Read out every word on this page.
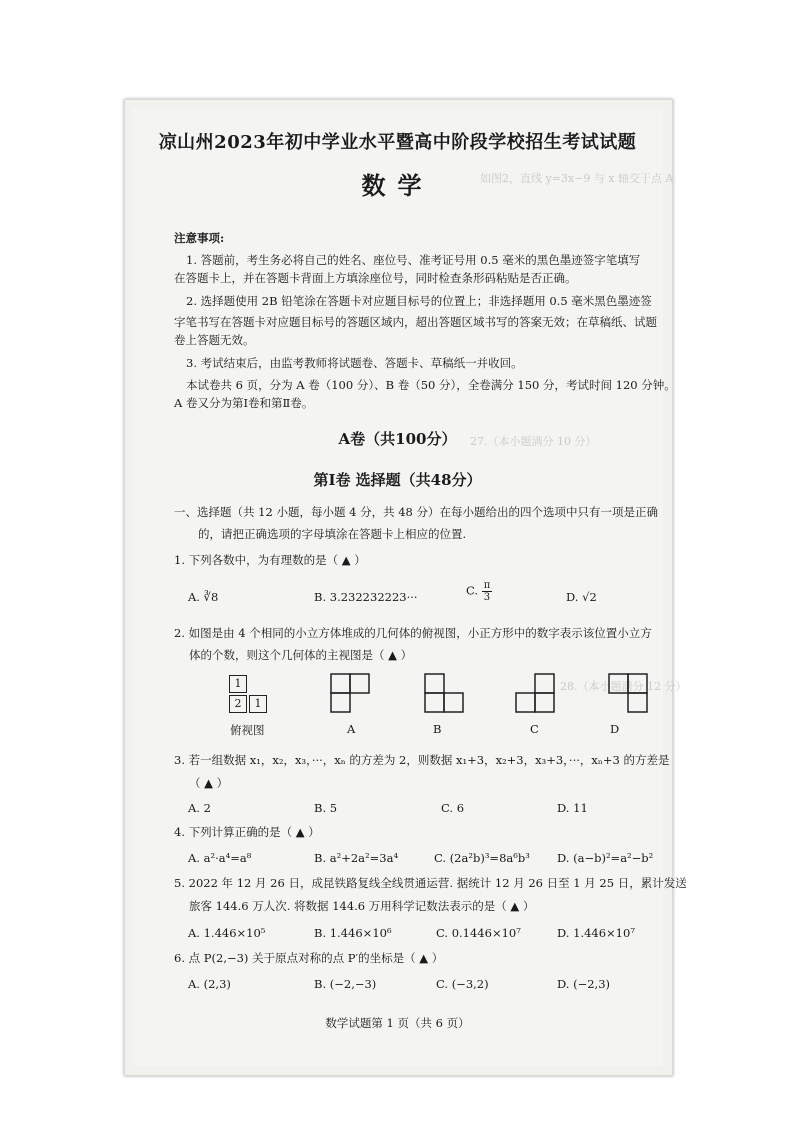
如图2，直线 y=3x−9 与 x 轴交于点 A
27.（本小题满分 10 分）
28.（本小题满分 12 分）
凉山州2023年初中学业水平暨高中阶段学校招生考试试题
数学
注意事项:
1. 答题前，考生务必将自己的姓名、座位号、准考证号用 0.5 毫米的黑色墨迹签字笔填写
在答题卡上，并在答题卡背面上方填涂座位号，同时检查条形码粘贴是否正确。
2. 选择题使用 2B 铅笔涂在答题卡对应题目标号的位置上；非选择题用 0.5 毫米黑色墨迹签
字笔书写在答题卡对应题目标号的答题区域内，超出答题区域书写的答案无效；在草稿纸、试题
卷上答题无效。
3. 考试结束后，由监考教师将试题卷、答题卡、草稿纸一并收回。
本试卷共 6 页，分为 A 卷（100 分）、B 卷（50 分），全卷满分 150 分，考试时间 120 分钟。
A 卷又分为第Ⅰ卷和第Ⅱ卷。
A卷（共100分）
第Ⅰ卷 选择题（共48分）
一、选择题（共 12 小题，每小题 4 分，共 48 分）在每小题给出的四个选项中只有一项是正确
的，请把正确选项的字母填涂在答题卡上相应的位置.
1. 下列各数中，为有理数的是（ ▲ ）
A. ∛8	B. 3.232232223···	C. $\frac{\pi}{3}$	D. √2
2. 如图是由 4 个相同的小立方体堆成的几何体的俯视图，小正方形中的数字表示该位置小立方
体的个数，则这个几何体的主视图是（ ▲ ）
1
2	1
俯视图	A	B	C	D
3. 若一组数据 x₁，x₂，x₃，···，xₙ 的方差为 2，则数据 x₁+3，x₂+3，x₃+3，···，xₙ+3 的方差是
（ ▲ ）
A. 2	B. 5	C. 6	D. 11
4. 下列计算正确的是（ ▲ ）
A. a²·a⁴=a⁸	B. a²+2a²=3a⁴	C. (2a²b)³=8a⁶b³ D. (a−b)²=a²−b²
5. 2022 年 12 月 26 日，成昆铁路复线全线贯通运营. 据统计 12 月 26 日至 1 月 25 日，累计发送
旅客 144.6 万人次. 将数据 144.6 万用科学记数法表示的是（ ▲ ）
A. 1.446×10⁵	B. 1.446×10⁶	C. 0.1446×10⁷	D. 1.446×10⁷
6. 点 P(2,−3) 关于原点对称的点 P′的坐标是（ ▲ ）
A. (2,3)	B. (−2,−3)	C. (−3,2)	D. (−2,3)
数学试题第 1 页（共 6 页）
